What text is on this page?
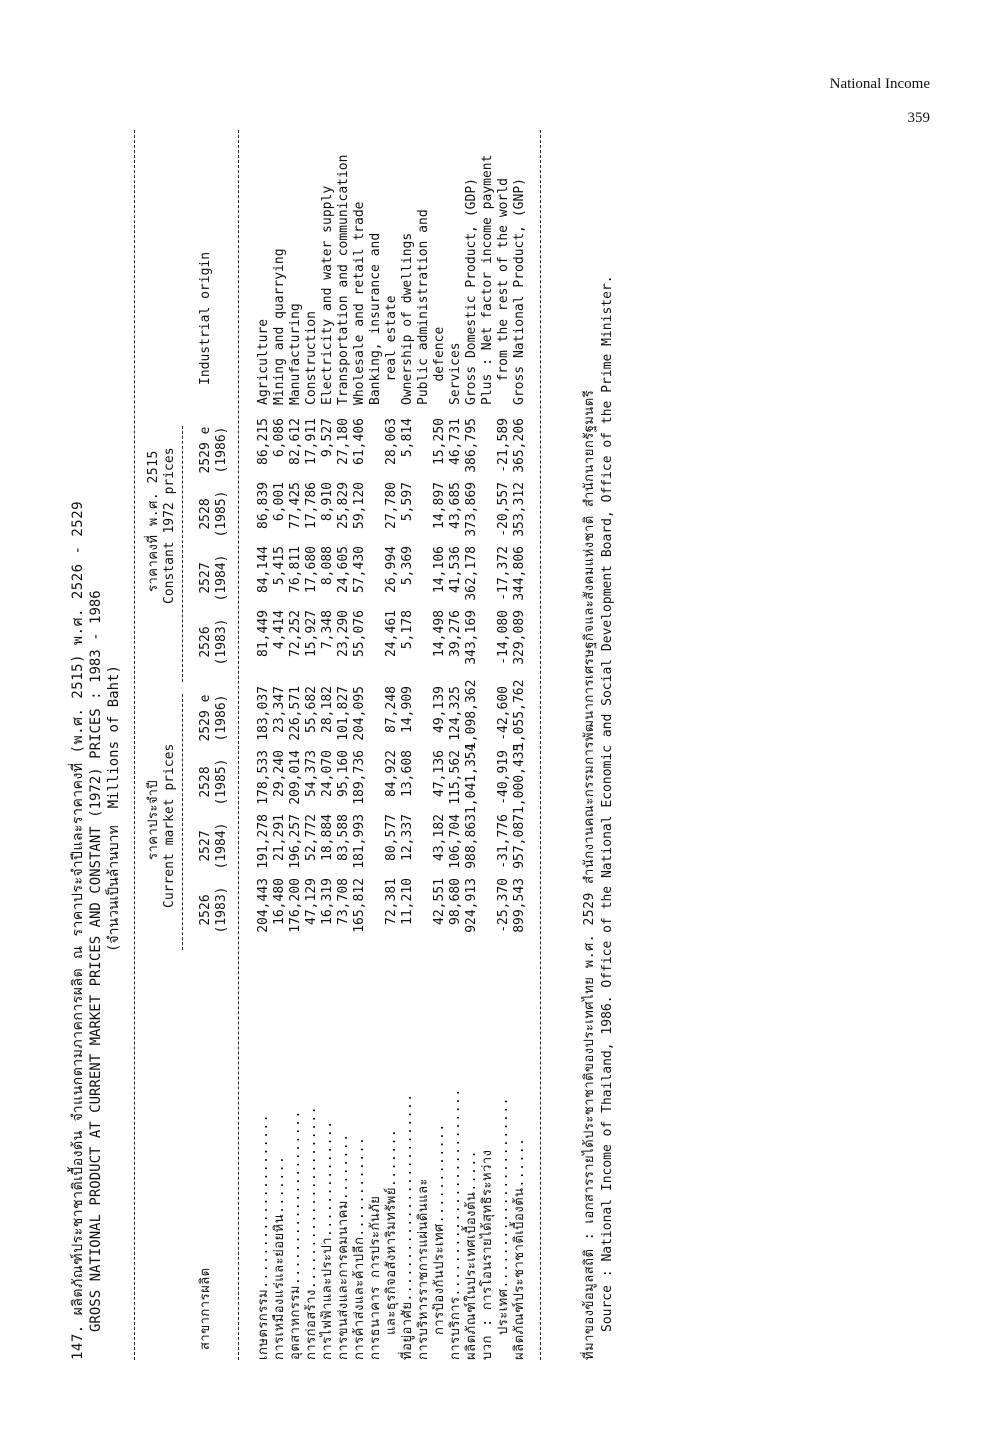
National Income
359
147. ผลิตภัณฑ์ประชาชาติเบื้องต้น จำแนกตามภาคการผลิต ณ ราคาประจำปีและราคาคงที่ (พ.ศ. 2515) พ.ศ. 2526 - 2529 GROSS NATIONAL PRODUCT AT CURRENT MARKET PRICES AND CONSTANT (1972) PRICES : 1983 - 1986 (จำนวนเป็นล้านบาท  Millions of Baht) ราคาประจำปี Current market prices
ราคาคงที่ พ.ศ. 2515 Constant 1972 prices
สาขาการผลิต
Industrial origin
2526 (1983)
2527 (1984)
2528 (1985)
2529 e (1986)
2526 (1983)
2527 (1984)
2528 (1985)
2529 e (1986)
เกษตรกรรม.....................
204,443
191,278
178,533
183,037
81,449
84,144
86,839
86,215
Agriculture
การเหมืองแร่และย่อยหิน.......
16,480
21,291
29,240
23,347
4,414
5,415
6,001
6,086
Mining and quarrying
อุตสาหกรรม.....................
176,200
196,257
209,014
226,571
72,252
76,811
77,425
82,612
Manufacturing
การก่อสร้าง......................
47,129
52,772
54,373
55,682
15,927
17,680
17,786
17,911
Construction
การไฟฟ้าและประปา..............
16,319
18,884
24,070
28,182
7,348
8,088
8,910
9,527
Electricity and water supply
การขนส่งและการคมนาคม........
73,708
83,588
95,160
101,827
23,290
24,605
25,829
27,180
Transportation and communication
การค้าส่งและค้าปลีก............
165,812
181,993
189,736
204,095
55,076
57,430
59,120
61,406
Wholesale and retail trade
การธนาคาร การประกันภัย
Banking, insurance and
และธุรกิจอสังหาริมทรัพย์.......
72,381
80,577
84,922
87,248
24,461
26,994
27,780
28,063
real estate
ที่อยู่อาศัย.........................
11,210
12,337
13,608
14,909
5,178
5,369
5,597
5,814
Ownership of dwellings
การบริหารราชการแผ่นดินและ
Public administration and
การป้องกันประเทศ............
42,551
43,182
47,136
49,139
14,498
14,106
14,897
15,250
defence
การบริการ.........................
98,680
106,704
115,562
124,325
39,276
41,536
43,685
46,731
Services
ผลิตภัณฑ์ในประเทศเบื้องต้น.....
924,913
988,863
1,041,354
1,098,362
343,169
362,178
373,869
386,795
Gross Domestic Product, (GDP)
บวก : การโอนรายได้สุทธิระหว่าง
Plus : Net factor income payment
ประเทศ.......................
-25,370
-31,776
-40,919
-42,600
-14,080
-17,372
-20,557
-21,589
from the rest of the world
ผลิตภัณฑ์ประชาชาติเบื้องต้น......
899,543
957,087
1,000,435
1,055,762
329,089
344,806
353,312
365,206
Gross National Product, (GNP)
ที่มาของข้อมูลสถิติ : เอกสารรายได้ประชาชาติของประเทศไทย พ.ศ. 2529 สำนักงานคณะกรรมการพัฒนาการเศรษฐกิจและสังคมแห่งชาติ สำนักนายกรัฐมนตรี Source : National Income of Thailand, 1986. Office of the National Economic and Social Development Board, Office of the Prime Minister.
